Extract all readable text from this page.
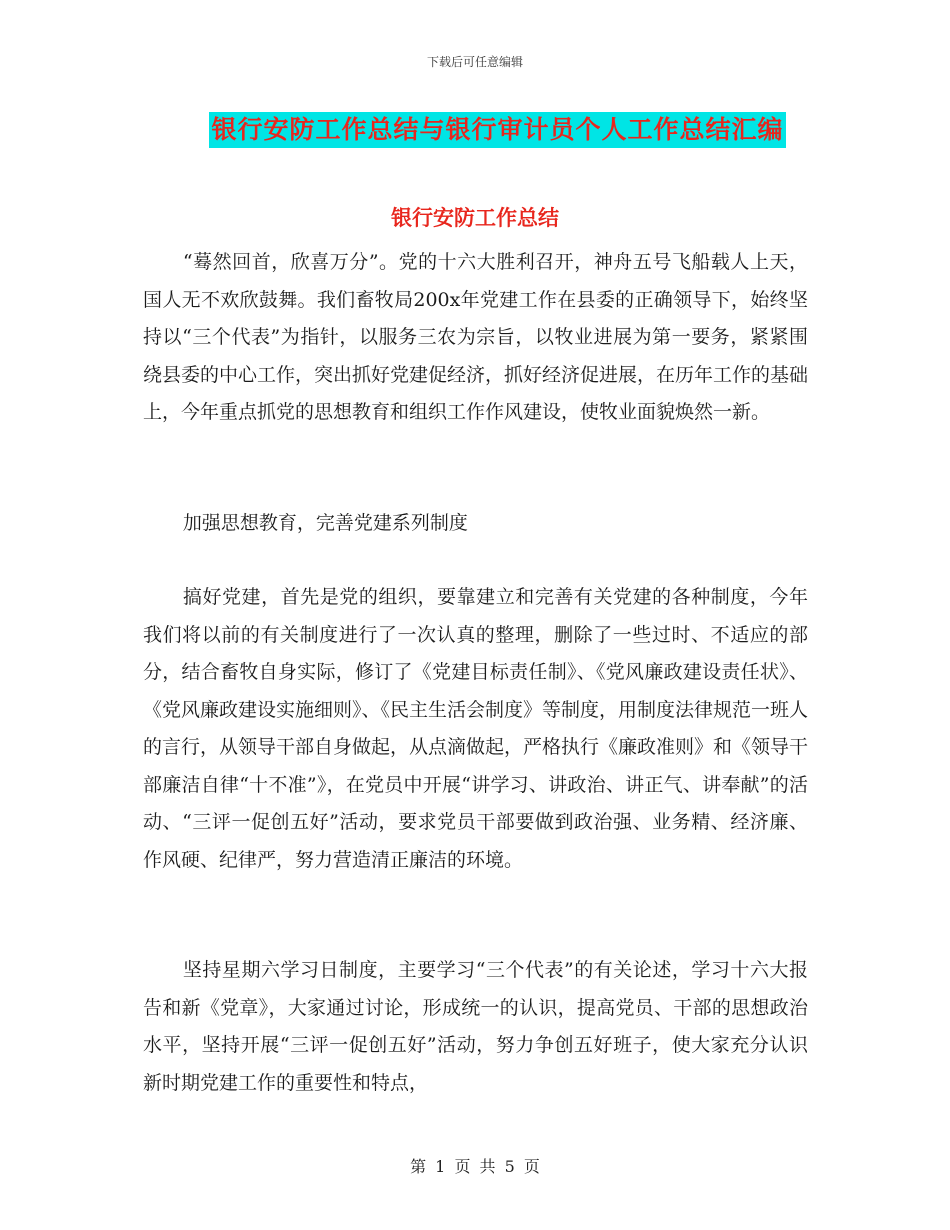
下载后可任意编辑
银行安防工作总结与银行审计员个人工作总结汇编
银行安防工作总结

“蓦然回首，欣喜万分”。党的十六大胜利召开，神舟五号飞船载人上天，国人无不欢欣鼓舞。我们畜牧局200x年党建工作在县委的正确领导下，始终坚持以“三个代表”为指针，以服务三农为宗旨，以牧业进展为第一要务，紧紧围绕县委的中心工作，突出抓好党建促经济，抓好经济促进展，在历年工作的基础上，今年重点抓党的思想教育和组织工作作风建设，使牧业面貌焕然一新。

加强思想教育，完善党建系列制度

搞好党建，首先是党的组织，要靠建立和完善有关党建的各种制度，今年我们将以前的有关制度进行了一次认真的整理，删除了一些过时、不适应的部分，结合畜牧自身实际，修订了《党建目标责任制》、《党风廉政建设责任状》、《党风廉政建设实施细则》、《民主生活会制度》等制度，用制度法律规范一班人的言行，从领导干部自身做起，从点滴做起，严格执行《廉政准则》和《领导干部廉洁自律“十不准”》，在党员中开展“讲学习、讲政治、讲正气、讲奉献”的活动、“三评一促创五好”活动，要求党员干部要做到政治强、业务精、经济廉、作风硬、纪律严，努力营造清正廉洁的环境。

坚持星期六学习日制度，主要学习“三个代表”的有关论述，学习十六大报告和新《党章》，大家通过讨论，形成统一的认识，提高党员、干部的思想政治水平，坚持开展“三评一促创五好”活动，努力争创五好班子，使大家充分认识新时期党建工作的重要性和特点，

第 1 页 共 5 页
